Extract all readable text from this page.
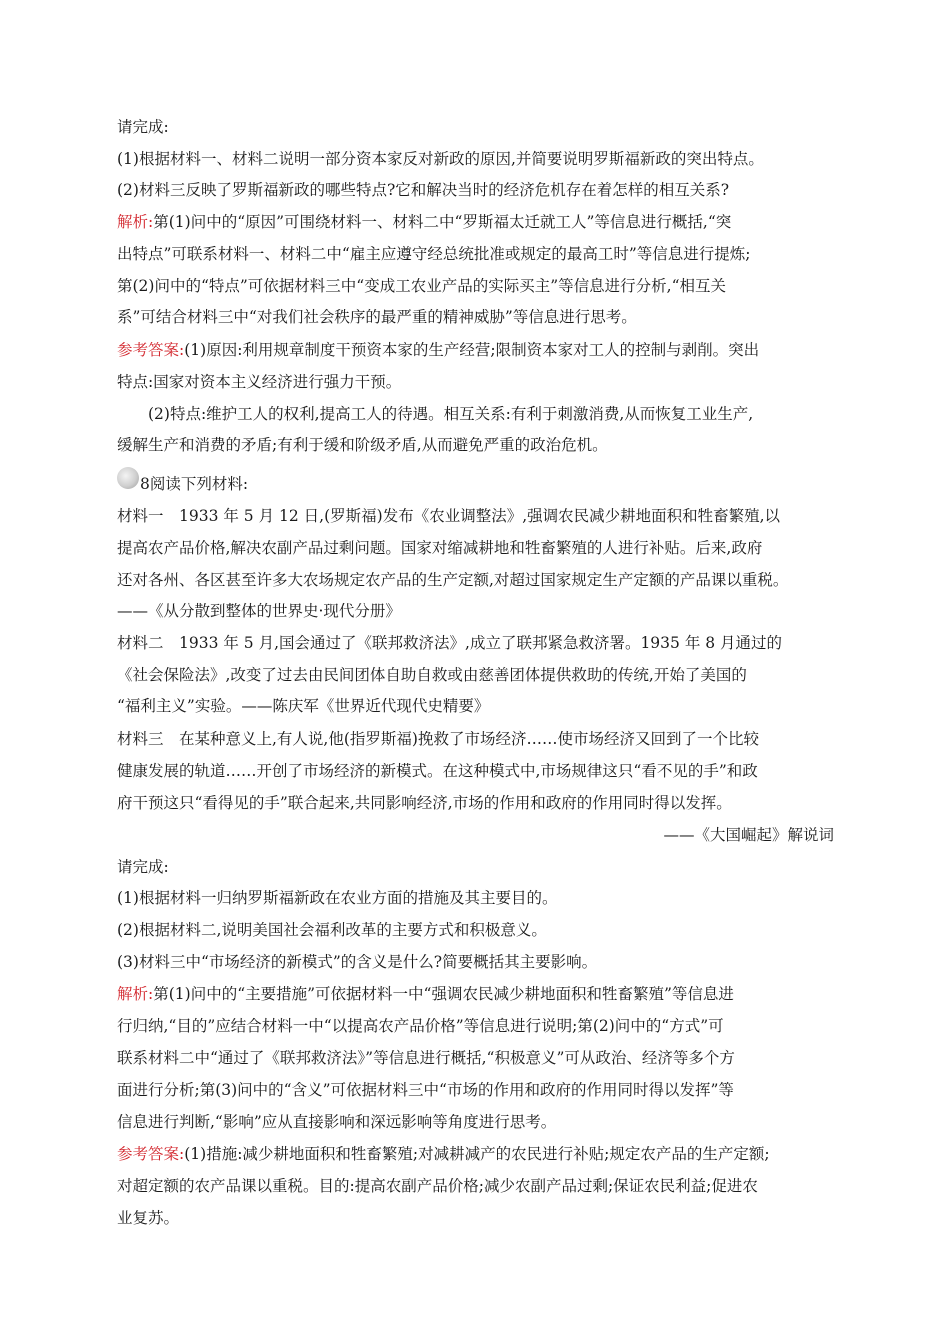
请完成:
(1)根据材料一、材料二说明一部分资本家反对新政的原因,并简要说明罗斯福新政的突出特点。
(2)材料三反映了罗斯福新政的哪些特点?它和解决当时的经济危机存在着怎样的相互关系?
解析:第(1)问中的“原因”可围绕材料一、材料二中“罗斯福太迁就工人”等信息进行概括,“突
出特点”可联系材料一、材料二中“雇主应遵守经总统批准或规定的最高工时”等信息进行提炼;
第(2)问中的“特点”可依据材料三中“变成工农业产品的实际买主”等信息进行分析,“相互关
系”可结合材料三中“对我们社会秩序的最严重的精神威胁”等信息进行思考。
参考答案:(1)原因:利用规章制度干预资本家的生产经营;限制资本家对工人的控制与剥削。突出
特点:国家对资本主义经济进行强力干预。
(2)特点:维护工人的权利,提高工人的待遇。相互关系:有利于刺激消费,从而恢复工业生产,
缓解生产和消费的矛盾;有利于缓和阶级矛盾,从而避免严重的政治危机。
8阅读下列材料:
材料一　1933 年 5 月 12 日,(罗斯福)发布《农业调整法》,强调农民减少耕地面积和牲畜繁殖,以
提高农产品价格,解决农副产品过剩问题。国家对缩减耕地和牲畜繁殖的人进行补贴。后来,政府
还对各州、各区甚至许多大农场规定农产品的生产定额,对超过国家规定生产定额的产品课以重税。
——《从分散到整体的世界史·现代分册》
材料二　1933 年 5 月,国会通过了《联邦救济法》,成立了联邦紧急救济署。1935 年 8 月通过的
《社会保险法》,改变了过去由民间团体自助自救或由慈善团体提供救助的传统,开始了美国的
“福利主义”实验。——陈庆军《世界近代现代史精要》
材料三　在某种意义上,有人说,他(指罗斯福)挽救了市场经济……使市场经济又回到了一个比较
健康发展的轨道……开创了市场经济的新模式。在这种模式中,市场规律这只“看不见的手”和政
府干预这只“看得见的手”联合起来,共同影响经济,市场的作用和政府的作用同时得以发挥。
——《大国崛起》解说词
请完成:
(1)根据材料一归纳罗斯福新政在农业方面的措施及其主要目的。
(2)根据材料二,说明美国社会福利改革的主要方式和积极意义。
(3)材料三中“市场经济的新模式”的含义是什么?简要概括其主要影响。
解析:第(1)问中的“主要措施”可依据材料一中“强调农民减少耕地面积和牲畜繁殖”等信息进
行归纳,“目的”应结合材料一中“以提高农产品价格”等信息进行说明;第(2)问中的“方式”可
联系材料二中“通过了《联邦救济法》”等信息进行概括,“积极意义”可从政治、经济等多个方
面进行分析;第(3)问中的“含义”可依据材料三中“市场的作用和政府的作用同时得以发挥”等
信息进行判断,“影响”应从直接影响和深远影响等角度进行思考。
参考答案:(1)措施:减少耕地面积和牲畜繁殖;对减耕减产的农民进行补贴;规定农产品的生产定额;
对超定额的农产品课以重税。目的:提高农副产品价格;减少农副产品过剩;保证农民利益;促进农
业复苏。
